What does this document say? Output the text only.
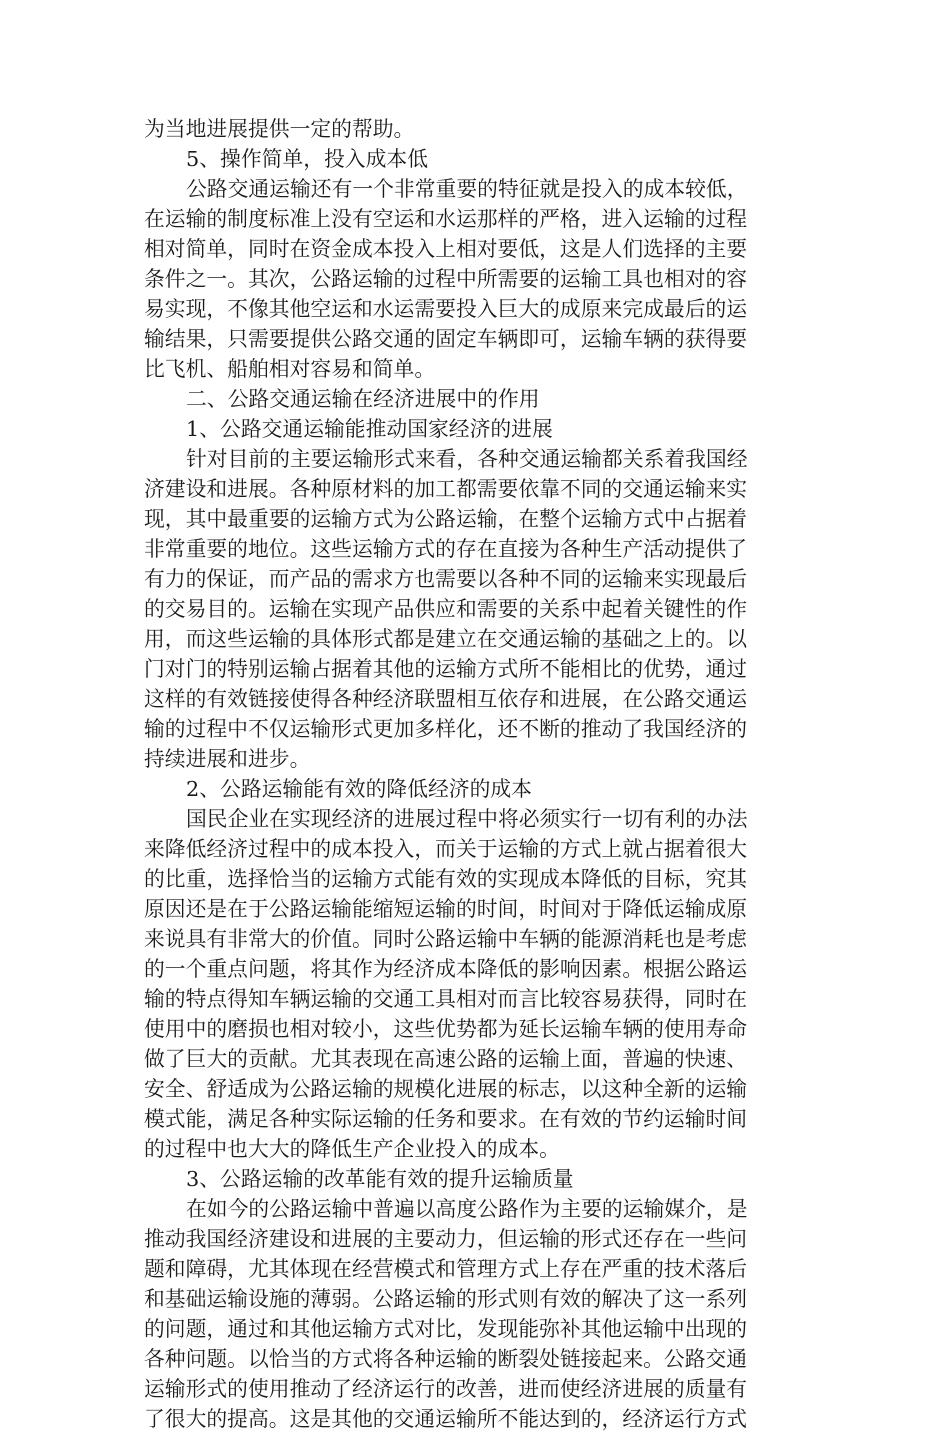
为当地进展提供一定的帮助。
5、操作简单，投入成本低
公路交通运输还有一个非常重要的特征就是投入的成本较低，
在运输的制度标准上没有空运和水运那样的严格，进入运输的过程
相对简单，同时在资金成本投入上相对要低，这是人们选择的主要
条件之一。其次，公路运输的过程中所需要的运输工具也相对的容
易实现，不像其他空运和水运需要投入巨大的成原来完成最后的运
输结果，只需要提供公路交通的固定车辆即可，运输车辆的获得要
比飞机、船舶相对容易和简单。
二、公路交通运输在经济进展中的作用
1、公路交通运输能推动国家经济的进展
针对目前的主要运输形式来看，各种交通运输都关系着我国经
济建设和进展。各种原材料的加工都需要依靠不同的交通运输来实
现，其中最重要的运输方式为公路运输，在整个运输方式中占据着
非常重要的地位。这些运输方式的存在直接为各种生产活动提供了
有力的保证，而产品的需求方也需要以各种不同的运输来实现最后
的交易目的。运输在实现产品供应和需要的关系中起着关键性的作
用，而这些运输的具体形式都是建立在交通运输的基础之上的。以
门对门的特别运输占据着其他的运输方式所不能相比的优势，通过
这样的有效链接使得各种经济联盟相互依存和进展，在公路交通运
输的过程中不仅运输形式更加多样化，还不断的推动了我国经济的
持续进展和进步。
2、公路运输能有效的降低经济的成本
国民企业在实现经济的进展过程中将必须实行一切有利的办法
来降低经济过程中的成本投入，而关于运输的方式上就占据着很大
的比重，选择恰当的运输方式能有效的实现成本降低的目标，究其
原因还是在于公路运输能缩短运输的时间，时间对于降低运输成原
来说具有非常大的价值。同时公路运输中车辆的能源消耗也是考虑
的一个重点问题，将其作为经济成本降低的影响因素。根据公路运
输的特点得知车辆运输的交通工具相对而言比较容易获得，同时在
使用中的磨损也相对较小，这些优势都为延长运输车辆的使用寿命
做了巨大的贡献。尤其表现在高速公路的运输上面，普遍的快速、
安全、舒适成为公路运输的规模化进展的标志，以这种全新的运输
模式能，满足各种实际运输的任务和要求。在有效的节约运输时间
的过程中也大大的降低生产企业投入的成本。
3、公路运输的改革能有效的提升运输质量
在如今的公路运输中普遍以高度公路作为主要的运输媒介，是
推动我国经济建设和进展的主要动力，但运输的形式还存在一些问
题和障碍，尤其体现在经营模式和管理方式上存在严重的技术落后
和基础运输设施的薄弱。公路运输的形式则有效的解决了这一系列
的问题，通过和其他运输方式对比，发现能弥补其他运输中出现的
各种问题。以恰当的方式将各种运输的断裂处链接起来。公路交通
运输形式的使用推动了经济运行的改善，进而使经济进展的质量有
了很大的提高。这是其他的交通运输所不能达到的，经济运行方式
